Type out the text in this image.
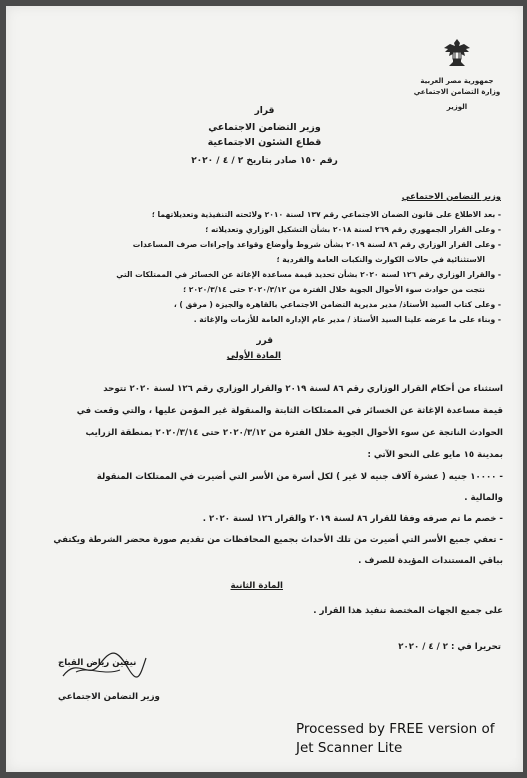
جمهورية مصر العربية
وزارة التضامن الاجتماعي
الوزير
قرار
وزير التضامن الاجتماعي
قطاع الشئون الاجتماعية
رقم ١٥٠ صادر بتاريخ ٢ / ٤ / ٢٠٢٠
وزير التضامن الاجتماعي
- بعد الاطلاع على قانون الضمان الاجتماعي رقم ١٣٧ لسنة ٢٠١٠ ولائحته التنفيذية وتعديلاتهما ؛
- وعلى القرار الجمهوري رقم ٢٦٩ لسنة ٢٠١٨ بشأن التشكيل الوزاري وتعديلاته ؛
- وعلى القرار الوزاري رقم ٨٦ لسنة ٢٠١٩ بشأن شروط وأوضاع وقواعد وإجراءات صرف المساعدات
الاستثنائية في حالات الكوارث والنكبات العامة والفردية ؛
- والقرار الوزاري رقم ١٢٦ لسنة ٢٠٢٠ بشأن تحديد قيمة مساعدة الإغاثة عن الخسائر في الممتلكات التي
نتجت من حوادث سوء الأحوال الجوية خلال الفترة من ٢٠٢٠/٣/١٢ حتى ٢٠٢٠/٣/١٤ ؛
- وعلى كتاب السيد الأستاذ/ مدير مديرية التضامن الاجتماعي بالقاهرة والجيزة ( مرفق ) ،
- وبناء على ما عرضه علينا السيد الأستاذ / مدير عام الإدارة العامة للأزمات والإغاثة .
قرر
المادة الأولى
استثناء من أحكام القرار الوزاري رقم ٨٦ لسنة ٢٠١٩ والقرار الوزاري رقم ١٢٦ لسنة ٢٠٢٠ تتوحد
قيمة مساعدة الإغاثة عن الخسائر في الممتلكات الثابتة والمنقولة غير المؤمن عليها ، والتي وقعت في
الحوادث الناتجة عن سوء الأحوال الجوية خلال الفترة من ٢٠٢٠/٣/١٢ حتى ٢٠٢٠/٣/١٤ بمنطقة الزرايب
بمدينة ١٥ مايو على النحو الآتي :
- ١٠٠٠٠ جنيه ( عشرة آلاف جنيه لا غير ) لكل أسرة من الأسر التي أضيرت في الممتلكات المنقولة
والمالية .
- خصم ما تم صرفه وفقا للقرار ٨٦ لسنة ٢٠١٩ والقرار ١٢٦ لسنة ٢٠٢٠ .
- تعفي جميع الأسر التي أضيرت من تلك الأحداث بجميع المحافظات من تقديم صورة محضر الشرطة ويكتفي
بباقي المستندات المؤيدة للصرف .
المادة الثانية
على جميع الجهات المختصة تنفيذ هذا القرار .
تحريرا في : ٢ / ٤ / ٢٠٢٠
نيفين رياض القباج
وزير التضامن الاجتماعي
Processed by FREE version of
Jet Scanner Lite
